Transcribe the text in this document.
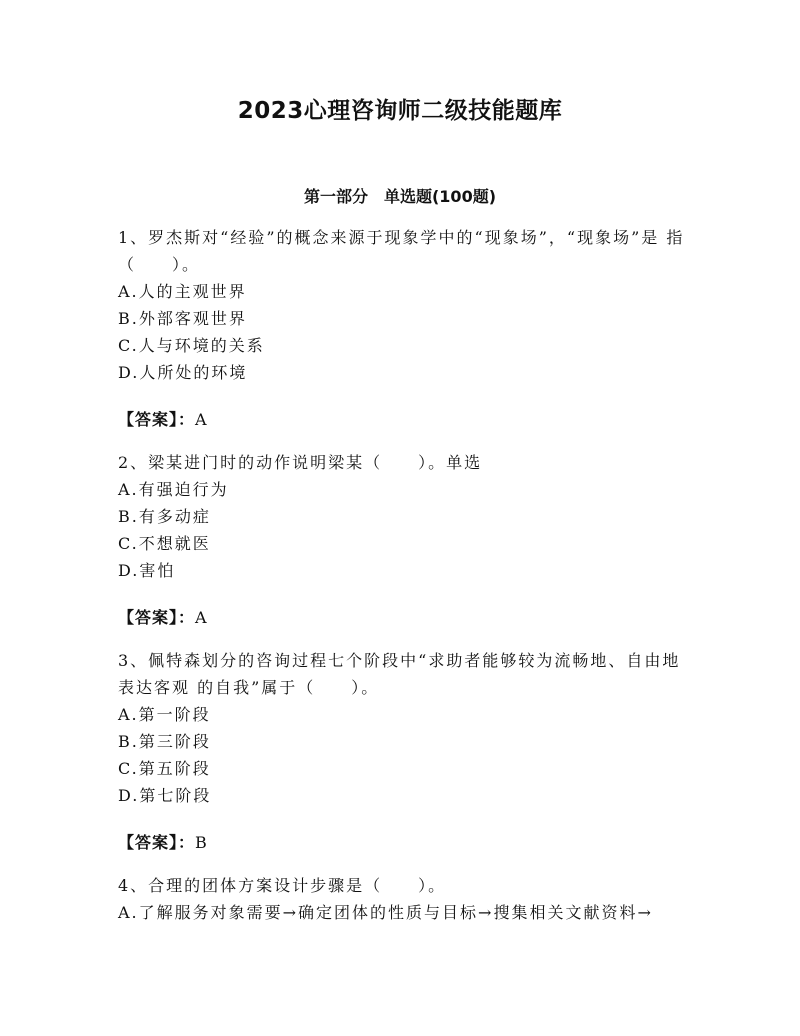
2023心理咨询师二级技能题库
第一部分　单选题(100题)

1、罗杰斯对“经验”的概念来源于现象学中的“现象场”，“现象场”是 指（　　）。

A.人的主观世界

B.外部客观世界

C.人与环境的关系

D.人所处的环境

【答案】：A

2、梁某进门时的动作说明梁某（　　）。单选

A.有强迫行为

B.有多动症

C.不想就医

D.害怕

【答案】：A

3、佩特森划分的咨询过程七个阶段中“求助者能够较为流畅地、自由地表达客观 的自我”属于（　　）。

A.第一阶段

B.第三阶段

C.第五阶段

D.第七阶段

【答案】：B

4、合理的团体方案设计步骤是（　　）。

A.了解服务对象需要→确定团体的性质与目标→搜集相关文献资料→
